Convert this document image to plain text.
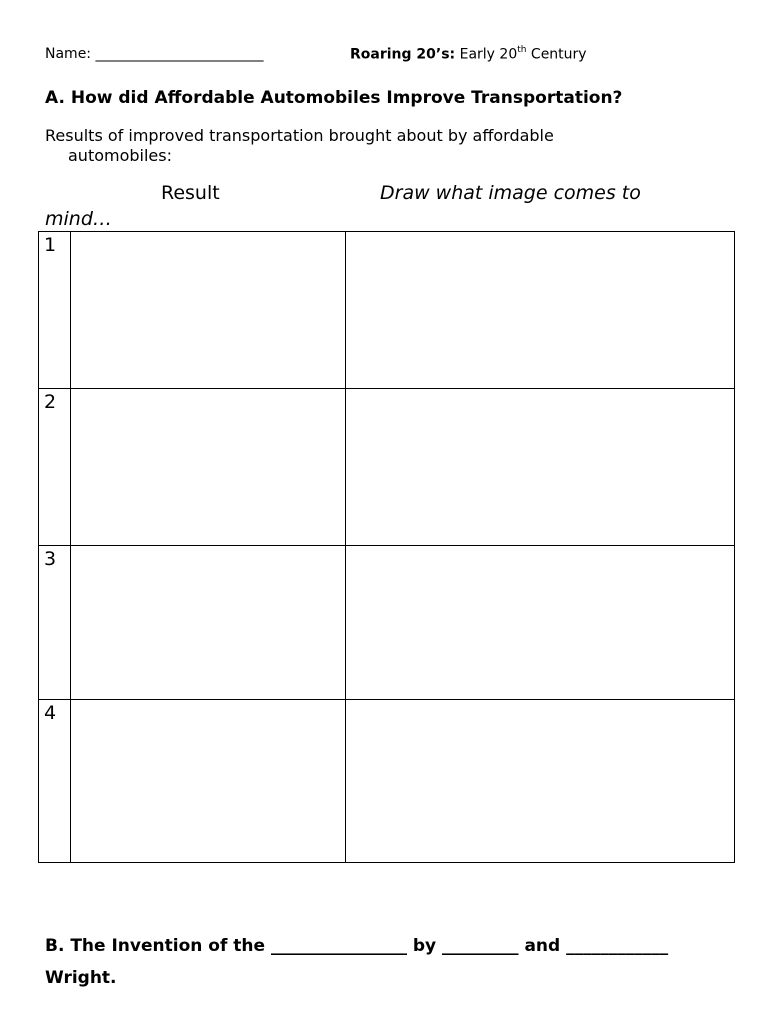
Name: ________________________	Roaring 20’s: Early 20th Century
A. How did Affordable Automobiles Improve Transportation?
Results of improved transportation brought about by affordable
automobiles:
Result	Draw what image comes to
mind…
1		
2		
3		
4		
B. The Invention of the ________________ by _________ and ____________ Wright.
